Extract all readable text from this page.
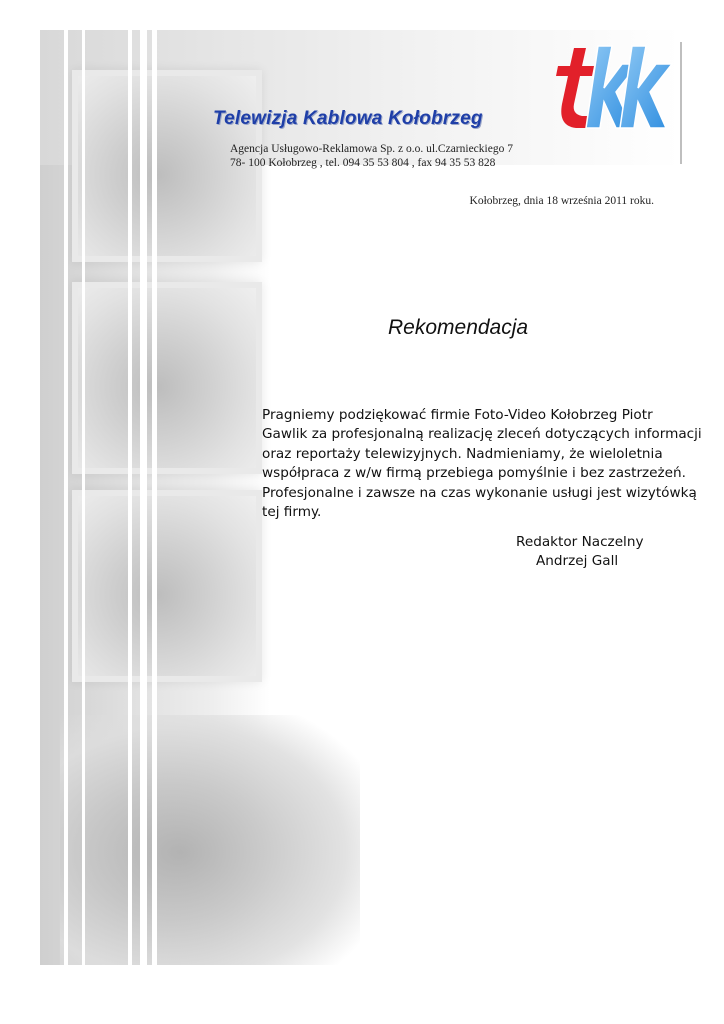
Telewizja Kablowa Kołobrzeg
Agencja Usługowo-Reklamowa Sp. z o.o. ul.Czarnieckiego 7
78- 100 Kołobrzeg , tel. 094 35 53 804 , fax 94 35 53 828
Kołobrzeg, dnia 18 września 2011 roku.
Rekomendacja
Pragniemy podziękować firmie Foto-Video Kołobrzeg Piotr
Gawlik za profesjonalną realizację zleceń dotyczących informacji
oraz reportaży telewizyjnych. Nadmieniamy, że wieloletnia
współpraca z w/w firmą przebiega pomyślnie i bez zastrzeżeń.
Profesjonalne i zawsze na czas wykonanie usługi jest wizytówką
tej firmy.
Redaktor Naczelny
Andrzej Gall
